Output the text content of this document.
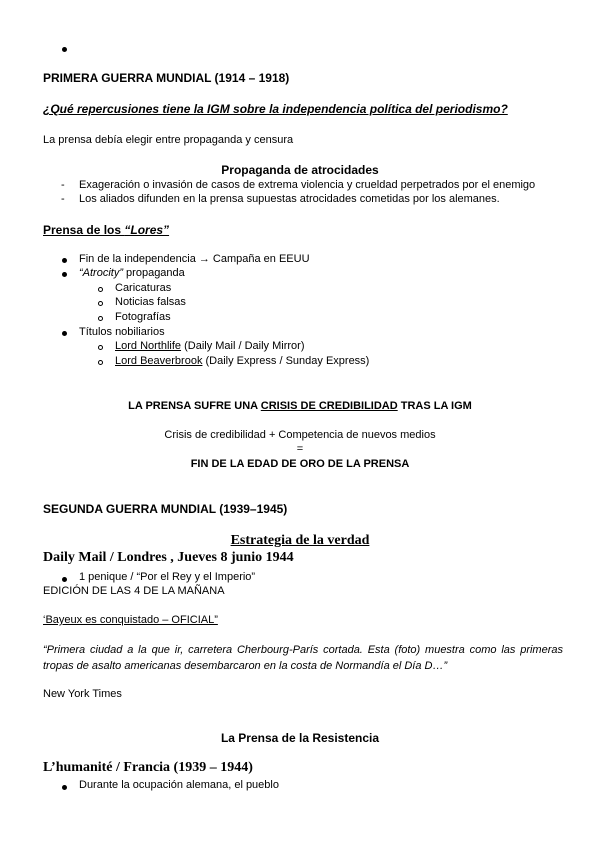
PRIMERA GUERRA MUNDIAL (1914 – 1918)
¿Qué repercusiones tiene la IGM sobre la independencia política del periodismo?
La prensa debía elegir entre propaganda y censura
Propaganda de atrocidades
- Exageración o invasión de casos de extrema violencia y crueldad perpetrados por el enemigo
- Los aliados difunden en la prensa supuestas atrocidades cometidas por los alemanes.
Prensa de los “Lores”
Fin de la independencia → Campaña en EEUU
“Atrocity” propaganda
Caricaturas
Noticias falsas
Fotografías
Títulos nobiliarios
Lord Northlife (Daily Mail / Daily Mirror)
Lord Beaverbrook (Daily Express / Sunday Express)
LA PRENSA SUFRE UNA CRISIS DE CREDIBILIDAD TRAS LA IGM
Crisis de credibilidad + Competencia de nuevos medios
=
FIN DE LA EDAD DE ORO DE LA PRENSA
SEGUNDA GUERRA MUNDIAL (1939–1945)
Estrategia de la verdad
Daily Mail / Londres , Jueves 8 junio 1944
1 penique / “Por el Rey y el Imperio”
EDICIÓN DE LAS 4 DE LA MAÑANA
‘Bayeux es conquistado – OFICIAL”
“Primera ciudad a la que ir, carretera Cherbourg-París cortada. Esta (foto) muestra como las primeras tropas de asalto americanas desembarcaron en la costa de Normandía el Día D…”
New York Times
La Prensa de la Resistencia
L’humanité / Francia (1939 – 1944)
Durante la ocupación alemana, el pueblo
